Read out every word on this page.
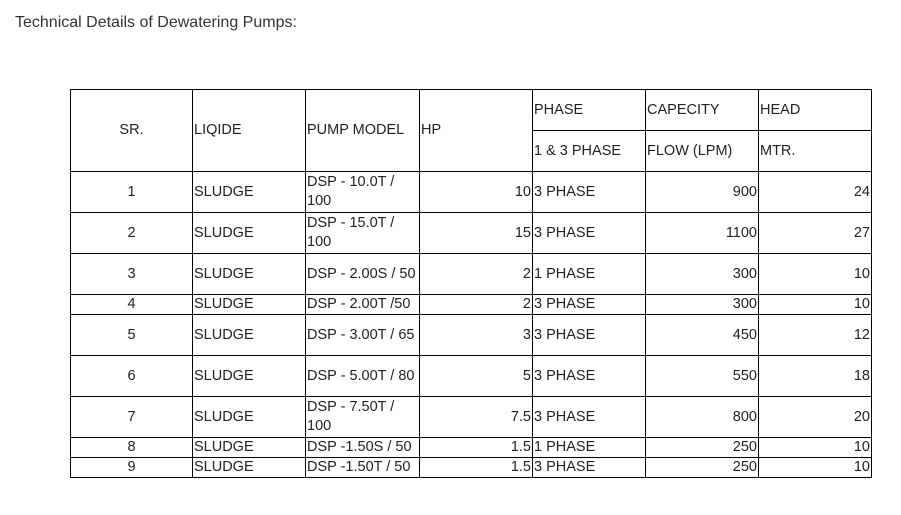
Technical Details of Dewatering Pumps:
SR.	LIQIDE	PUMP MODEL	HP	PHASE	CAPECITY	HEAD
				1 & 3 PHASE	FLOW (LPM)	MTR.
1	SLUDGE	DSP - 10.0T / 100	10	3 PHASE	900	24
2	SLUDGE	DSP - 15.0T / 100	15	3 PHASE	1100	27
3	SLUDGE	DSP - 2.00S / 50	2	1 PHASE	300	10
4	SLUDGE	DSP - 2.00T /50	2	3 PHASE	300	10
5	SLUDGE	DSP - 3.00T / 65	3	3 PHASE	450	12
6	SLUDGE	DSP - 5.00T / 80	5	3 PHASE	550	18
7	SLUDGE	DSP - 7.50T / 100	7.5	3 PHASE	800	20
8	SLUDGE	DSP -1.50S / 50	1.5	1 PHASE	250	10
9	SLUDGE	DSP -1.50T / 50	1.5	3 PHASE	250	10
